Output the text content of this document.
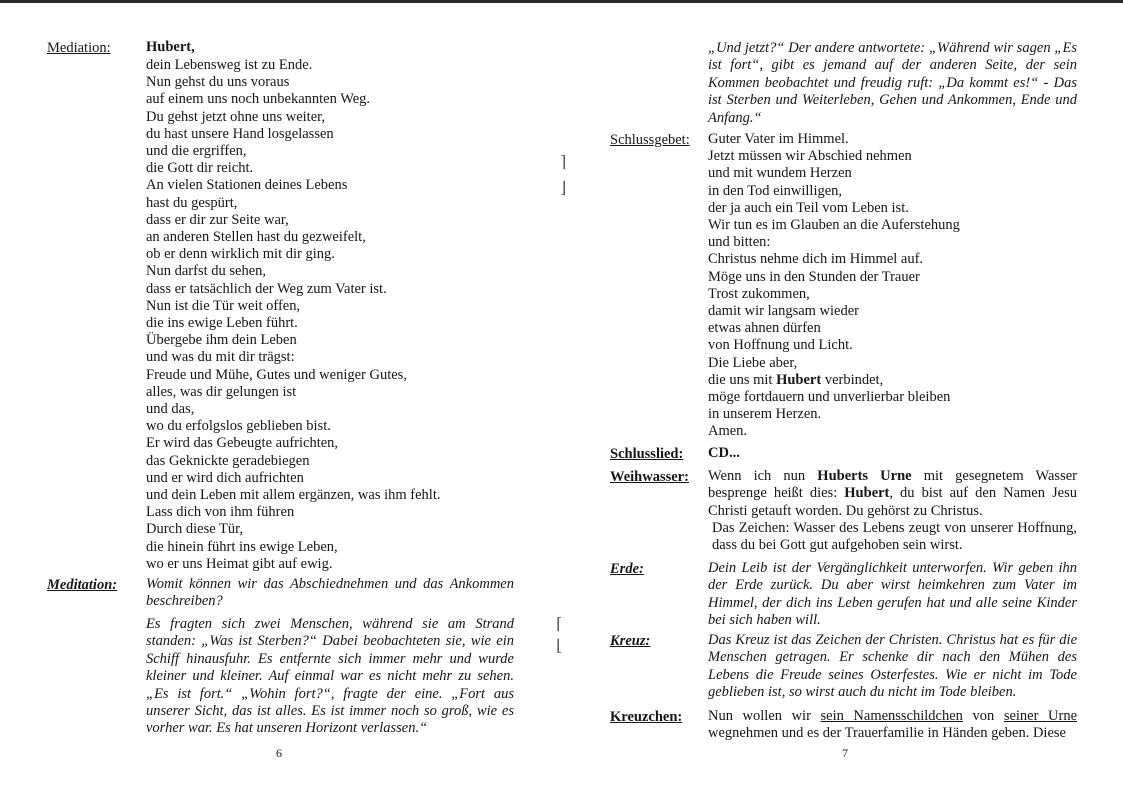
Mediation: Hubert,
dein Lebensweg ist zu Ende.
Nun gehst du uns voraus
auf einem uns noch unbekannten Weg.
Du gehst jetzt ohne uns weiter,
du hast unsere Hand losgelassen
und die ergriffen,
die Gott dir reicht.
An vielen Stationen deines Lebens
hast du gespürt,
dass er dir zur Seite war,
an anderen Stellen hast du gezweifelt,
ob er denn wirklich mit dir ging.
Nun darfst du sehen,
dass er tatsächlich der Weg zum Vater ist.
Nun ist die Tür weit offen,
die ins ewige Leben führt.
Übergebe ihm dein Leben
und was du mit dir trägst:
Freude und Mühe, Gutes und weniger Gutes,
alles, was dir gelungen ist
und das,
wo du erfolgslos geblieben bist.
Er wird das Gebeugte aufrichten,
das Geknickte geradebiegen
und er wird dich aufrichten
und dein Leben mit allem ergänzen, was ihm fehlt.
Lass dich von ihm führen
Durch diese Tür,
die hinein führt ins ewige Leben,
wo er uns Heimat gibt auf ewig.
Meditation: Womit können wir das Abschiednehmen und das Ankommen beschreiben?
Es fragten sich zwei Menschen, während sie am Strand standen: „Was ist Sterben?“ Dabei beobachteten sie, wie ein Schiff hinausfuhr. Es entfernte sich immer mehr und wurde kleiner und kleiner. Auf einmal war es nicht mehr zu sehen. „Es ist fort.“ „Wohin fort?“, fragte der eine. „Fort aus unserer Sicht, das ist alles. Es ist immer noch so groß, wie es vorher war. Es hat unseren Horizont verlassen.“
6
⌉
⌋
⌈
⌊
„Und jetzt?“ Der andere antwortete: „Während wir sagen „Es ist fort“, gibt es jemand auf der anderen Seite, der sein Kommen beobachtet und freudig ruft: „Da kommt es!“ - Das ist Sterben und Weiterleben, Gehen und Ankommen, Ende und Anfang.“
Schlussgebet: Guter Vater im Himmel.
Jetzt müssen wir Abschied nehmen
und mit wundem Herzen
in den Tod einwilligen,
der ja auch ein Teil vom Leben ist.
Wir tun es im Glauben an die Auferstehung
und bitten:
Christus nehme dich im Himmel auf.
Möge uns in den Stunden der Trauer
Trost zukommen,
damit wir langsam wieder
etwas ahnen dürfen
von Hoffnung und Licht.
Die Liebe aber,
die uns mit Hubert verbindet,
möge fortdauern und unverlierbar bleiben
in unserem Herzen.
Amen.
Schlusslied: CD...
Weihwasser: Wenn ich nun Huberts Urne mit gesegnetem Wasser besprenge heißt dies: Hubert, du bist auf den Namen Jesu Christi getauft worden. Du gehörst zu Christus.
Das Zeichen: Wasser des Lebens zeugt von unserer Hoffnung, dass du bei Gott gut aufgehoben sein wirst.
Erde:	Dein Leib ist der Vergänglichkeit unterworfen. Wir geben ihn der Erde zurück. Du aber wirst heimkehren zum Vater im Himmel, der dich ins Leben gerufen hat und alle seine Kinder bei sich haben will.
Kreuz:	Das Kreuz ist das Zeichen der Christen. Christus hat es für die Menschen getragen. Er schenke dir nach den Mühen des Lebens die Freude seines Osterfestes. Wie er nicht im Tode geblieben ist, so wirst auch du nicht im Tode bleiben.
Kreuzchen: Nun wollen wir sein Namensschildchen von seiner Urne wegnehmen und es der Trauerfamilie in Händen geben. Diese
7
